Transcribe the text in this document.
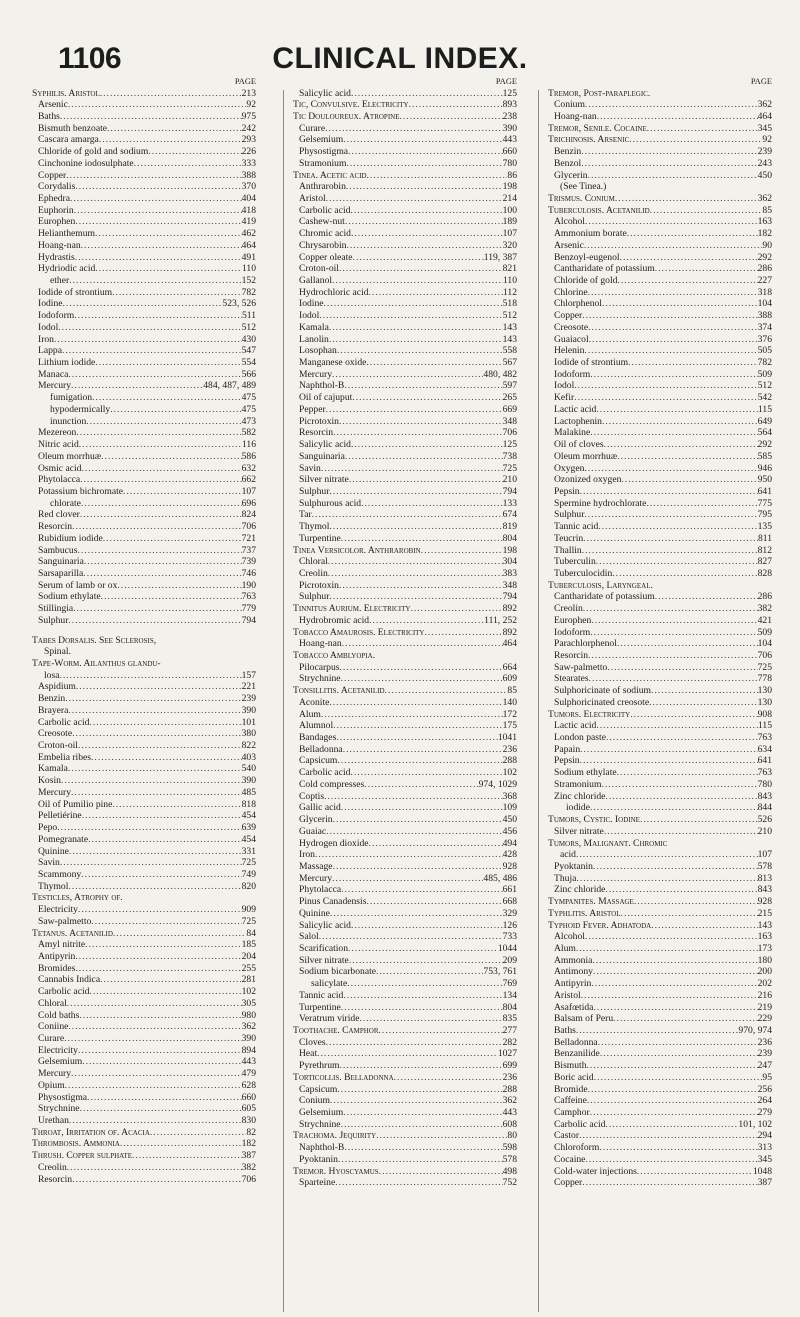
1106	CLINICAL INDEX.
PAGE
Syphilis. Aristol .....	213
Arsenic .....	92
Baths .....	975
Bismuth benzoate .....	242
Cascara amarga .....	293
Chloride of gold and sodium .....	226
Cinchonine iodosulphate .....	333
Copper .....	388
Corydalis .....	370
Ephedra .....	404
Euphorin .....	418
Europhen .....	419
Helianthemum .....	462
Hoang-nan .....	464
Hydrastis .....	491
Hydriodic acid .....	110
ether .....	152
Iodide of strontium .....	782
Iodine .....	523, 526
Iodoform .....	511
Iodol .....	512
Iron .....	430
Lappa .....	547
Lithium iodide .....	554
Manaca .....	566
Mercury .....	484, 487, 489
fumigation .....	475
hypodermically .....	475
inunction .....	473
Mezereon .....	582
Nitric acid .....	116
Oleum morrhuæ .....	586
Osmic acid .....	632
Phytolacca .....	662
Potassium bichromate .....	107
chlorate .....	696
Red clover .....	824
Resorcin .....	706
Rubidium iodide .....	721
Sambucus .....	737
Sanguinaria .....	739
Sarsaparilla .....	746
Serum of lamb or ox .....	190
Sodium ethylate .....	763
Stillingia .....	779
Sulphur .....	794
Tabes Dorsalis. See Sclerosis,
Spinal.
Tape-Worm. Ailanthus glandu-
losa .....	157
Aspidium .....	221
Benzin .....	239
Brayera .....	390
Carbolic acid .....	101
Creosote .....	380
Croton-oil .....	822
Embelia ribes .....	403
Kamala .....	540
Kosin .....	390
Mercury .....	485
Oil of Pumilio pine .....	818
Pelletiérine .....	454
Pepo .....	639
Pomegranate .....	454
Quinine .....	331
Savin .....	725
Scammony .....	749
Thymol .....	820
Testicles, Atrophy of.
Electricity .....	909
Saw-palmetto .....	725
Tetanus. Acetanilid .....	84
Amyl nitrite .....	185
Antipyrin .....	204
Bromides .....	255
Cannabis Indica .....	281
Carbolic acid .....	102
Chloral .....	305
Cold baths .....	980
Coniine .....	362
Curare .....	390
Electricity .....	894
Gelsemium .....	443
Mercury .....	479
Opium .....	628
Physostigma .....	660
Strychnine .....	605
Urethan .....	830
Throat, Irritation of. Acacia .....	82
Thrombosis. Ammonia .....	182
Thrush. Copper sulphate .....	387
Creolin .....	382
Resorcin .....	706
PAGE
Salicylic acid .....	125
Tic, Convulsive. Electricity .....	893
Tic Douloureux. Atropine .....	238
Curare .....	390
Gelsemium .....	443
Physostigma .....	660
Stramonium .....	780
Tinea. Acetic acid .....	86
Anthrarobin .....	198
Aristol .....	214
Carbolic acid .....	100
Cashew-nut .....	189
Chromic acid .....	107
Chrysarobin .....	320
Copper oleate .....	119, 387
Croton-oil .....	821
Gallanol .....	110
Hydrochloric acid .....	112
Iodine .....	518
Iodol .....	512
Kamala .....	143
Lanolin .....	143
Losophan .....	558
Manganese oxide .....	567
Mercury .....	480, 482
Naphthol-B .....	597
Oil of cajuput .....	265
Pepper .....	669
Picrotoxin .....	348
Resorcin .....	706
Salicylic acid .....	125
Sanguinaria .....	738
Savin .....	725
Silver nitrate .....	210
Sulphur .....	794
Sulphurous acid .....	133
Tar .....	674
Thymol .....	819
Turpentine .....	804
Tinea Versicolor. Anthrarobin .....	198
Chloral .....	304
Creolin .....	383
Picrotoxin .....	348
Sulphur .....	794
Tinnitus Aurium. Electricity .....	892
Hydrobromic acid .....	111, 252
Tobacco Amaurosis. Electricity .....	892
Hoang-nan .....	464
Tobacco Amblyopia.
Pilocarpus .....	664
Strychnine .....	609
Tonsillitis. Acetanilid .....	85
Aconite .....	140
Alum .....	172
Alumnol .....	175
Bandages .....	1041
Belladonna .....	236
Capsicum .....	288
Carbolic acid .....	102
Cold compresses .....	974, 1029
Coptis .....	368
Gallic acid .....	109
Glycerin .....	450
Guaiac .....	456
Hydrogen dioxide .....	494
Iron .....	428
Massage .....	928
Mercury .....	485, 486
Phytolacca .....	661
Pinus Canadensis .....	668
Quinine .....	329
Salicylic acid .....	126
Salol .....	733
Scarification .....	1044
Silver nitrate .....	209
Sodium bicarbonate .....	753, 761
salicylate .....	769
Tannic acid .....	134
Turpentine .....	804
Veratrum viride .....	835
Toothache. Camphor .....	277
Cloves .....	282
Heat .....	1027
Pyrethrum .....	699
Torticollis. Belladonna .....	236
Capsicum .....	288
Conium .....	362
Gelsemium .....	443
Strychnine .....	608
Trachoma. Jequirity .....	80
Naphthol-B .....	598
Pyoktanin .....	578
Tremor. Hyoscyamus .....	498
Sparteine .....	752
PAGE
Tremor, Post-paraplegic.
Conium .....	362
Hoang-nan .....	464
Tremor, Senile. Cocaine .....	345
Trichinosis. Arsenic .....	92
Benzin .....	239
Benzol .....	243
Glycerin .....	450
(See Tinea.)
Trismus. Conium .....	362
Tuberculosis. Acetanilid .....	85
Alcohol .....	163
Ammonium borate .....	182
Arsenic .....	90
Benzoyl-eugenol .....	292
Cantharidate of potassium .....	286
Chloride of gold .....	227
Chlorine .....	318
Chlorphenol .....	104
Copper .....	388
Creosote .....	374
Guaiacol .....	376
Helenin .....	505
Iodide of strontium .....	782
Iodoform .....	509
Iodol .....	512
Kefir .....	542
Lactic acid .....	115
Lactophenin .....	649
Malakine .....	564
Oil of cloves .....	292
Oleum morrhuæ .....	585
Oxygen .....	946
Ozonized oxygen .....	950
Pepsin .....	641
Spermine hydrochlorate .....	775
Sulphur .....	795
Tannic acid .....	135
Teucrin .....	811
Thallin .....	812
Tuberculin .....	827
Tuberculocidin .....	828
Tuberculosis, Laryngeal.
Cantharidate of potassium .....	286
Creolin .....	382
Europhen .....	421
Iodoform .....	509
Parachlorphenol .....	104
Resorcin .....	706
Saw-palmetto .....	725
Stearates .....	778
Sulphoricinate of sodium .....	130
Sulphoricinated creosote .....	130
Tumors. Electricity .....	908
Lactic acid .....	115
London paste .....	763
Papain .....	634
Pepsin .....	641
Sodium ethylate .....	763
Stramonium .....	780
Zinc chloride .....	843
iodide .....	844
Tumors, Cystic. Iodine .....	526
Silver nitrate .....	210
Tumors, Malignant. Chromic
acid .....	107
Pyoktanin .....	578
Thuja .....	813
Zinc chloride .....	843
Tympanites. Massage .....	928
Typhlitis. Aristol .....	215
Typhoid Fever. Adhatoda .....	143
Alcohol .....	163
Alum .....	173
Ammonia .....	180
Antimony .....	200
Antipyrin .....	202
Aristol .....	216
Asafœtida .....	219
Balsam of Peru .....	229
Baths .....	970, 974
Belladonna .....	236
Benzanilide .....	239
Bismuth .....	247
Boric acid .....	95
Bromide .....	256
Caffeine .....	264
Camphor .....	279
Carbolic acid .....	101, 102
Castor .....	294
Chloroform .....	313
Cocaine .....	345
Cold-water injections .....	1048
Copper .....	387
